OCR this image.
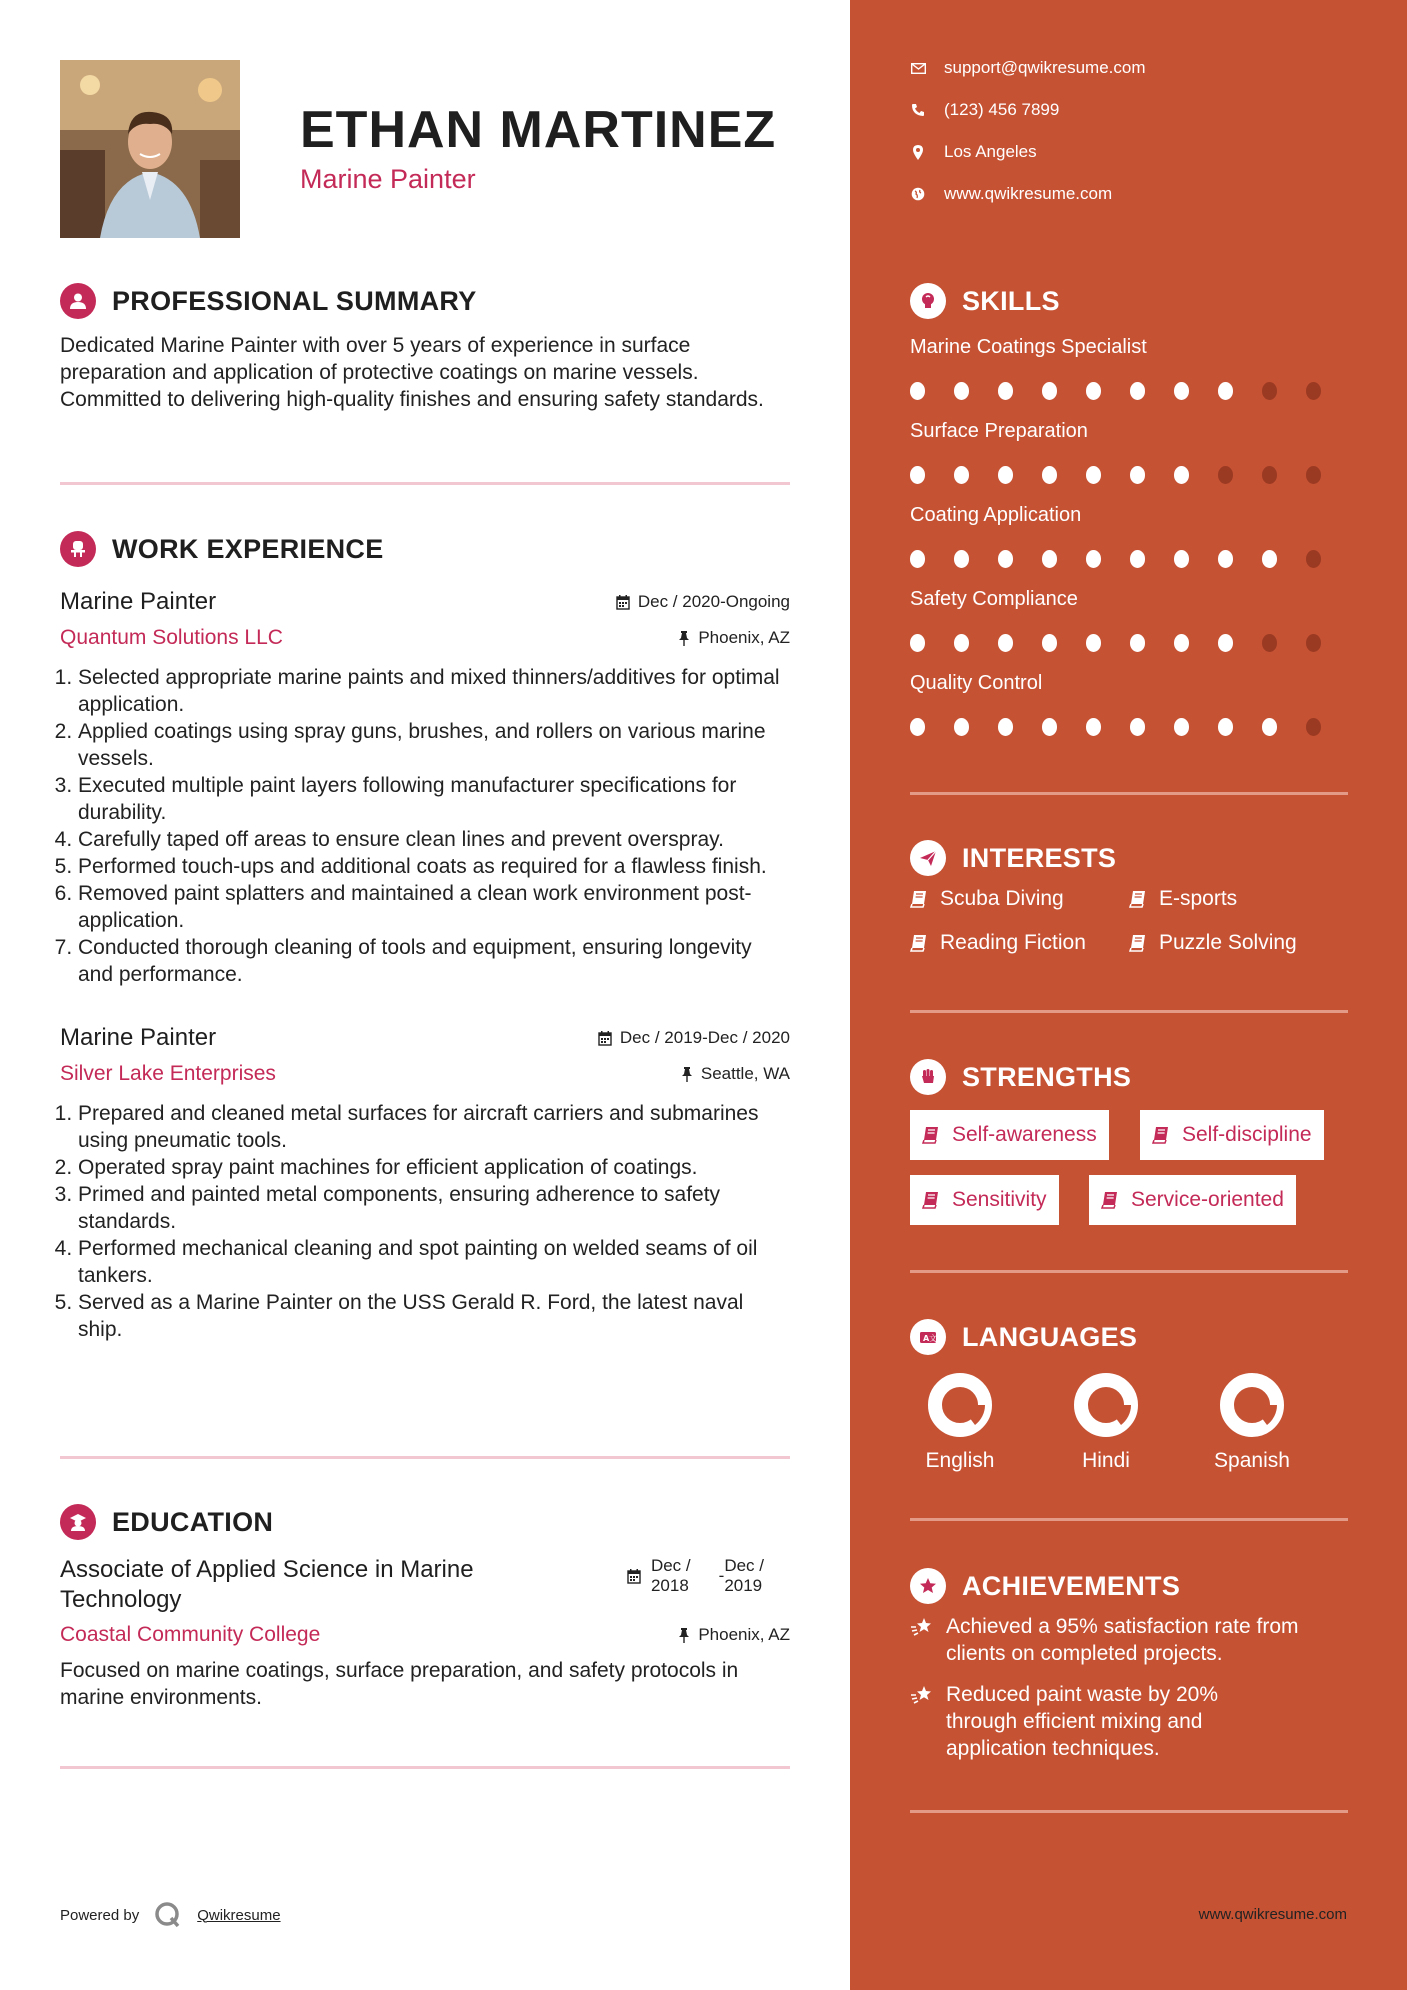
ETHAN MARTINEZ
Marine Painter
PROFESSIONAL SUMMARY
Dedicated Marine Painter with over 5 years of experience in surface preparation and application of protective coatings on marine vessels. Committed to delivering high-quality finishes and ensuring safety standards.
WORK EXPERIENCE
Marine Painter	Dec / 2020-Ongoing
Quantum Solutions LLC	Phoenix, AZ
1. Selected appropriate marine paints and mixed thinners/additives for optimal application.
2. Applied coatings using spray guns, brushes, and rollers on various marine vessels.
3. Executed multiple paint layers following manufacturer specifications for durability.
4. Carefully taped off areas to ensure clean lines and prevent overspray.
5. Performed touch-ups and additional coats as required for a flawless finish.
6. Removed paint splatters and maintained a clean work environment post-application.
7. Conducted thorough cleaning of tools and equipment, ensuring longevity and performance.
Marine Painter	Dec / 2019-Dec / 2020
Silver Lake Enterprises	Seattle, WA
1. Prepared and cleaned metal surfaces for aircraft carriers and submarines using pneumatic tools.
2. Operated spray paint machines for efficient application of coatings.
3. Primed and painted metal components, ensuring adherence to safety standards.
4. Performed mechanical cleaning and spot painting on welded seams of oil tankers.
5. Served as a Marine Painter on the USS Gerald R. Ford, the latest naval ship.
EDUCATION
Associate of Applied Science in Marine Technology
Dec /
2018
-
Dec /
2019
Coastal Community College	Phoenix, AZ
Focused on marine coatings, surface preparation, and safety protocols in marine environments.
Powered by	Qwikresume
support@qwikresume.com
(123) 456 7899
Los Angeles
www.qwikresume.com
SKILLS
Marine Coatings Specialist
Surface Preparation
Coating Application
Safety Compliance
Quality Control
INTERESTS
Scuba Diving	E-sports
Reading Fiction	Puzzle Solving
STRENGTHS
Self-awareness	Self-discipline
Sensitivity	Service-oriented
A 文 LANGUAGES
English	Hindi	Spanish
ACHIEVEMENTS
Achieved a 95% satisfaction rate from clients on completed projects.
Reduced paint waste by 20% through efficient mixing and application techniques.
www.qwikresume.com
